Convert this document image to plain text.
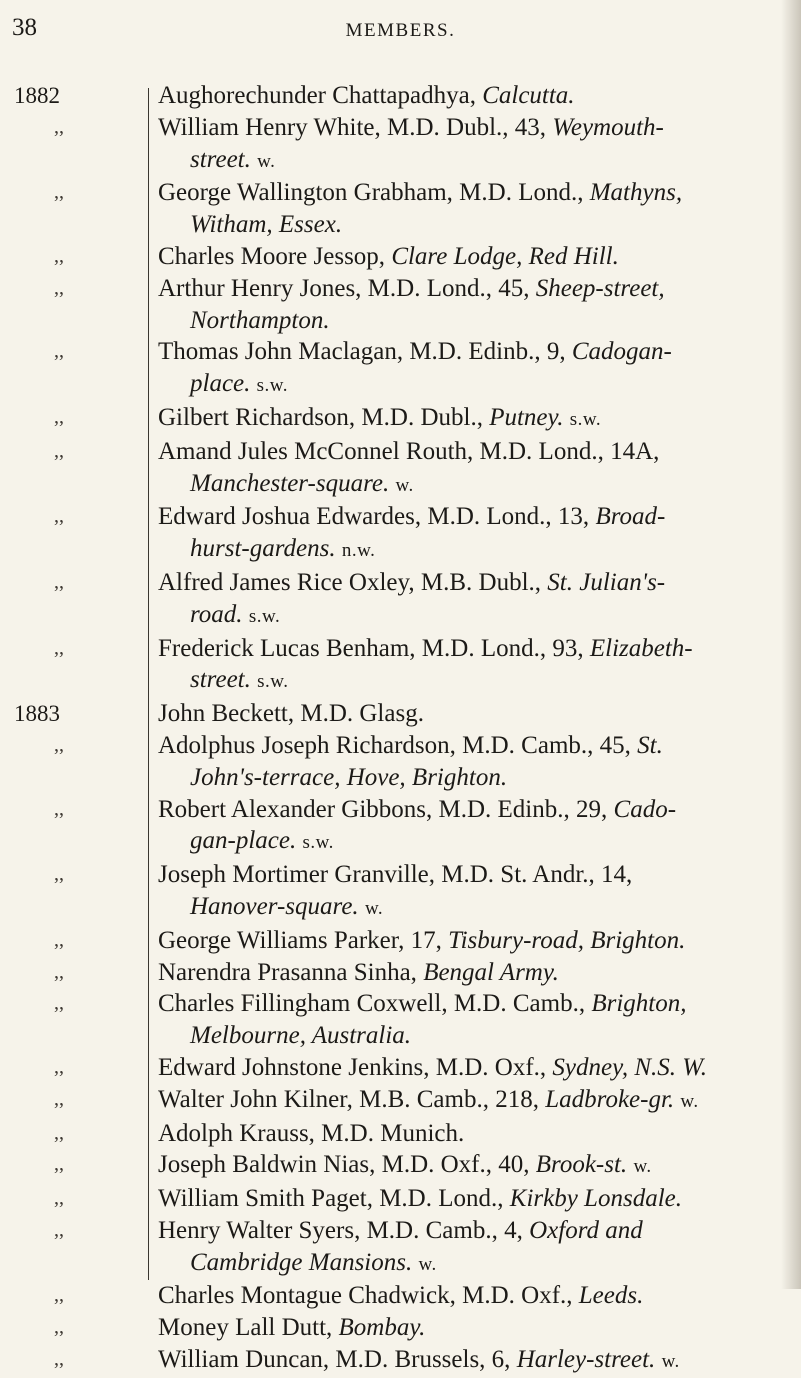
38	MEMBERS.
1882	Aughorechunder Chattapadhya, Calcutta.
,,	William Henry White, M.D. Dubl., 43, Weymouth-
street. w.
,,	George Wallington Grabham, M.D. Lond., Mathyns,
Witham, Essex.
,,	Charles Moore Jessop, Clare Lodge, Red Hill.
,,	Arthur Henry Jones, M.D. Lond., 45, Sheep-street,
Northampton.
,,	Thomas John Maclagan, M.D. Edinb., 9, Cadogan-
place. s.w.
,,	Gilbert Richardson, M.D. Dubl., Putney. s.w.
,,	Amand Jules McConnel Routh, M.D. Lond., 14A,
Manchester-square. w.
,,	Edward Joshua Edwardes, M.D. Lond., 13, Broad-
hurst-gardens. n.w.
,,	Alfred James Rice Oxley, M.B. Dubl., St. Julian's-
road. s.w.
,,	Frederick Lucas Benham, M.D. Lond., 93, Elizabeth-
street. s.w.
1883	John Beckett, M.D. Glasg.
,,	Adolphus Joseph Richardson, M.D. Camb., 45, St.
John's-terrace, Hove, Brighton.
,,	Robert Alexander Gibbons, M.D. Edinb., 29, Cado-
gan-place. s.w.
,,	Joseph Mortimer Granville, M.D. St. Andr., 14,
Hanover-square. w.
,,	George Williams Parker, 17, Tisbury-road, Brighton.
,,	Narendra Prasanna Sinha, Bengal Army.
,,	Charles Fillingham Coxwell, M.D. Camb., Brighton,
Melbourne, Australia.
,,	Edward Johnstone Jenkins, M.D. Oxf., Sydney, N.S. W.
,,	Walter John Kilner, M.B. Camb., 218, Ladbroke-gr. w.
,,	Adolph Krauss, M.D. Munich.
,,	Joseph Baldwin Nias, M.D. Oxf., 40, Brook-st. w.
,,	William Smith Paget, M.D. Lond., Kirkby Lonsdale.
,,	Henry Walter Syers, M.D. Camb., 4, Oxford and
Cambridge Mansions. w.
,,	Charles Montague Chadwick, M.D. Oxf., Leeds.
,,	Money Lall Dutt, Bombay.
,,	William Duncan, M.D. Brussels, 6, Harley-street. w.
